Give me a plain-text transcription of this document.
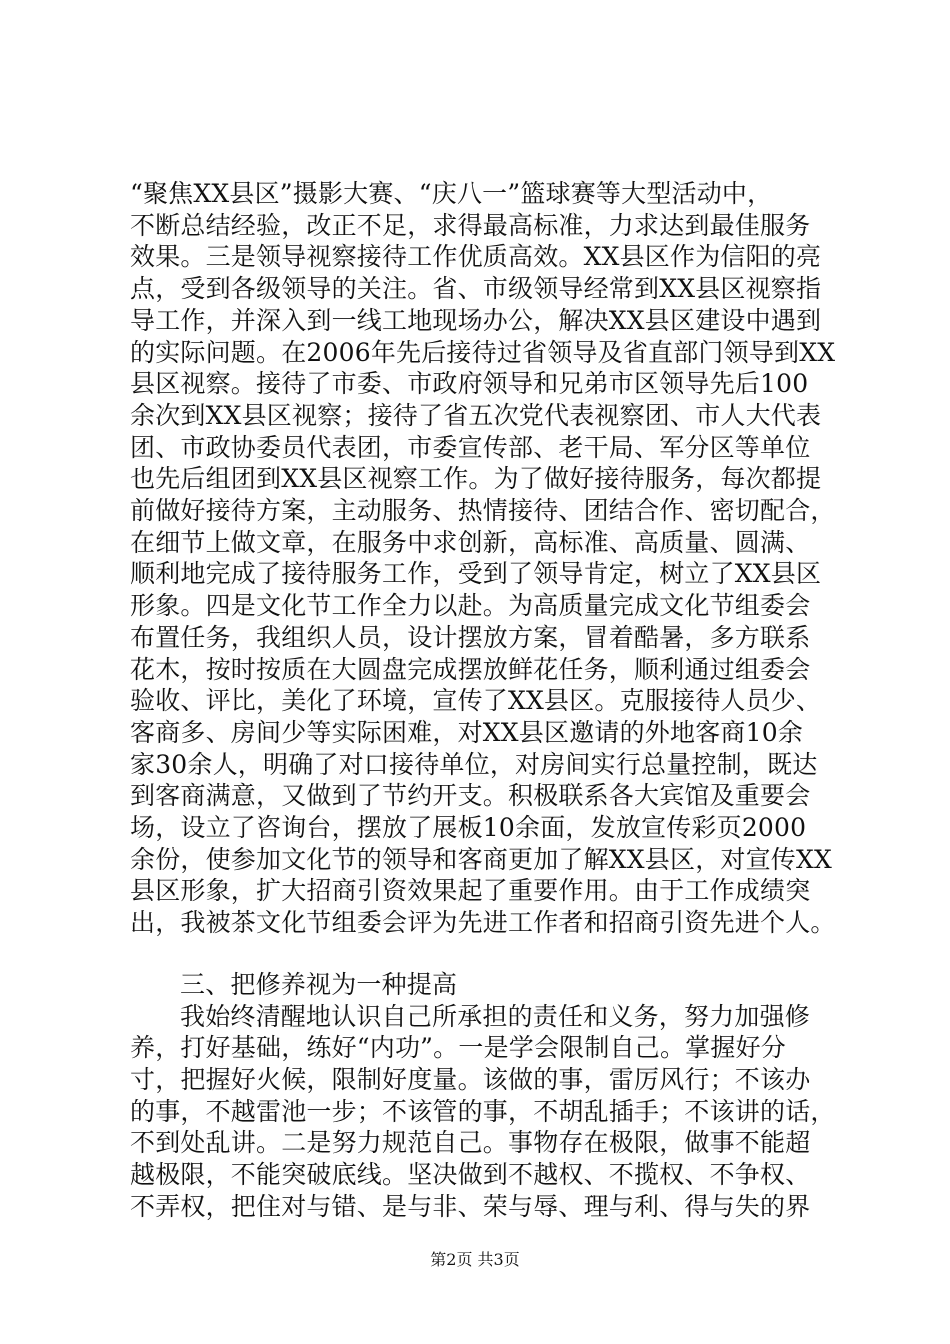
“聚焦XX县区”摄影大赛、“庆八一”篮球赛等大型活动中，
不断总结经验，改正不足，求得最高标准，力求达到最佳服务
效果。三是领导视察接待工作优质高效。XX县区作为信阳的亮
点，受到各级领导的关注。省、市级领导经常到XX县区视察指
导工作，并深入到一线工地现场办公，解决XX县区建设中遇到
的实际问题。在2006年先后接待过省领导及省直部门领导到XX
县区视察。接待了市委、市政府领导和兄弟市区领导先后100
余次到XX县区视察；接待了省五次党代表视察团、市人大代表
团、市政协委员代表团，市委宣传部、老干局、军分区等单位
也先后组团到XX县区视察工作。为了做好接待服务，每次都提
前做好接待方案，主动服务、热情接待、团结合作、密切配合，
在细节上做文章，在服务中求创新，高标准、高质量、圆满、
顺利地完成了接待服务工作，受到了领导肯定，树立了XX县区
形象。四是文化节工作全力以赴。为高质量完成文化节组委会
布置任务，我组织人员，设计摆放方案，冒着酷暑，多方联系
花木，按时按质在大圆盘完成摆放鲜花任务，顺利通过组委会
验收、评比，美化了环境，宣传了XX县区。克服接待人员少、
客商多、房间少等实际困难，对XX县区邀请的外地客商10余
家30余人，明确了对口接待单位，对房间实行总量控制，既达
到客商满意，又做到了节约开支。积极联系各大宾馆及重要会
场，设立了咨询台，摆放了展板10余面，发放宣传彩页2000
余份，使参加文化节的领导和客商更加了解XX县区，对宣传XX
县区形象，扩大招商引资效果起了重要作用。由于工作成绩突
出，我被茶文化节组委会评为先进工作者和招商引资先进个人。
三、把修养视为一种提高
我始终清醒地认识自己所承担的责任和义务，努力加强修
养，打好基础，练好“内功”。一是学会限制自己。掌握好分
寸，把握好火候，限制好度量。该做的事，雷厉风行；不该办
的事，不越雷池一步；不该管的事，不胡乱插手；不该讲的话，
不到处乱讲。二是努力规范自己。事物存在极限，做事不能超
越极限，不能突破底线。坚决做到不越权、不揽权、不争权、
不弄权，把住对与错、是与非、荣与辱、理与利、得与失的界
第2页 共3页
